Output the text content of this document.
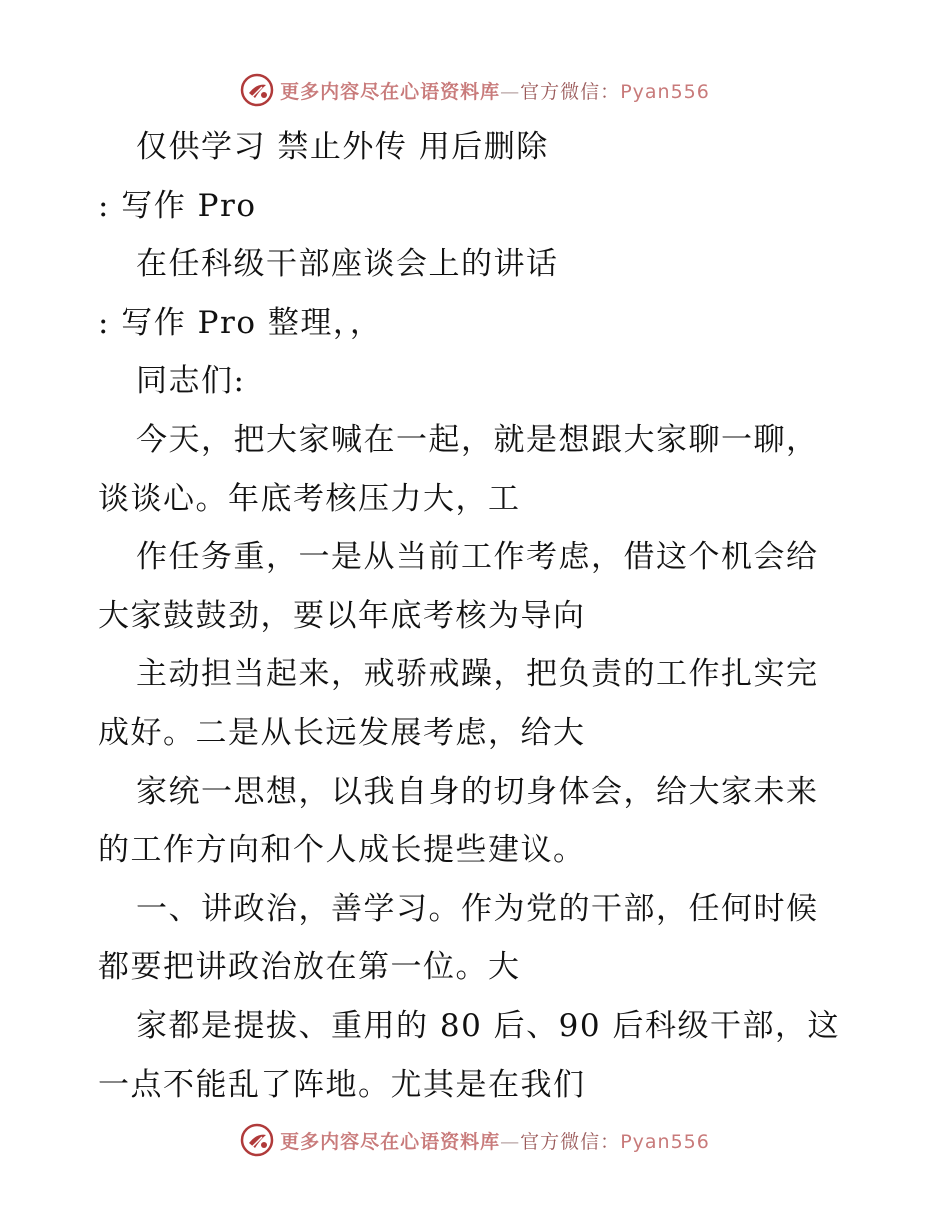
更多内容尽在心语资料库—官方微信：Pyan556
仅供学习 禁止外传 用后删除
: 写作 Pro
在任科级干部座谈会上的讲话
: 写作 Pro 整理，，
同志们:
今天，把大家喊在一起，就是想跟大家聊一聊，
谈谈心。年底考核压力大，工
作任务重，一是从当前工作考虑，借这个机会给
大家鼓鼓劲，要以年底考核为导向
主动担当起来，戒骄戒躁，把负责的工作扎实完
成好。二是从长远发展考虑，给大
家统一思想，以我自身的切身体会，给大家未来
的工作方向和个人成长提些建议。
一、讲政治，善学习。作为党的干部，任何时候
都要把讲政治放在第一位。大
家都是提拔、重用的 80 后、90 后科级干部，这
一点不能乱了阵地。尤其是在我们
更多内容尽在心语资料库—官方微信：Pyan556
